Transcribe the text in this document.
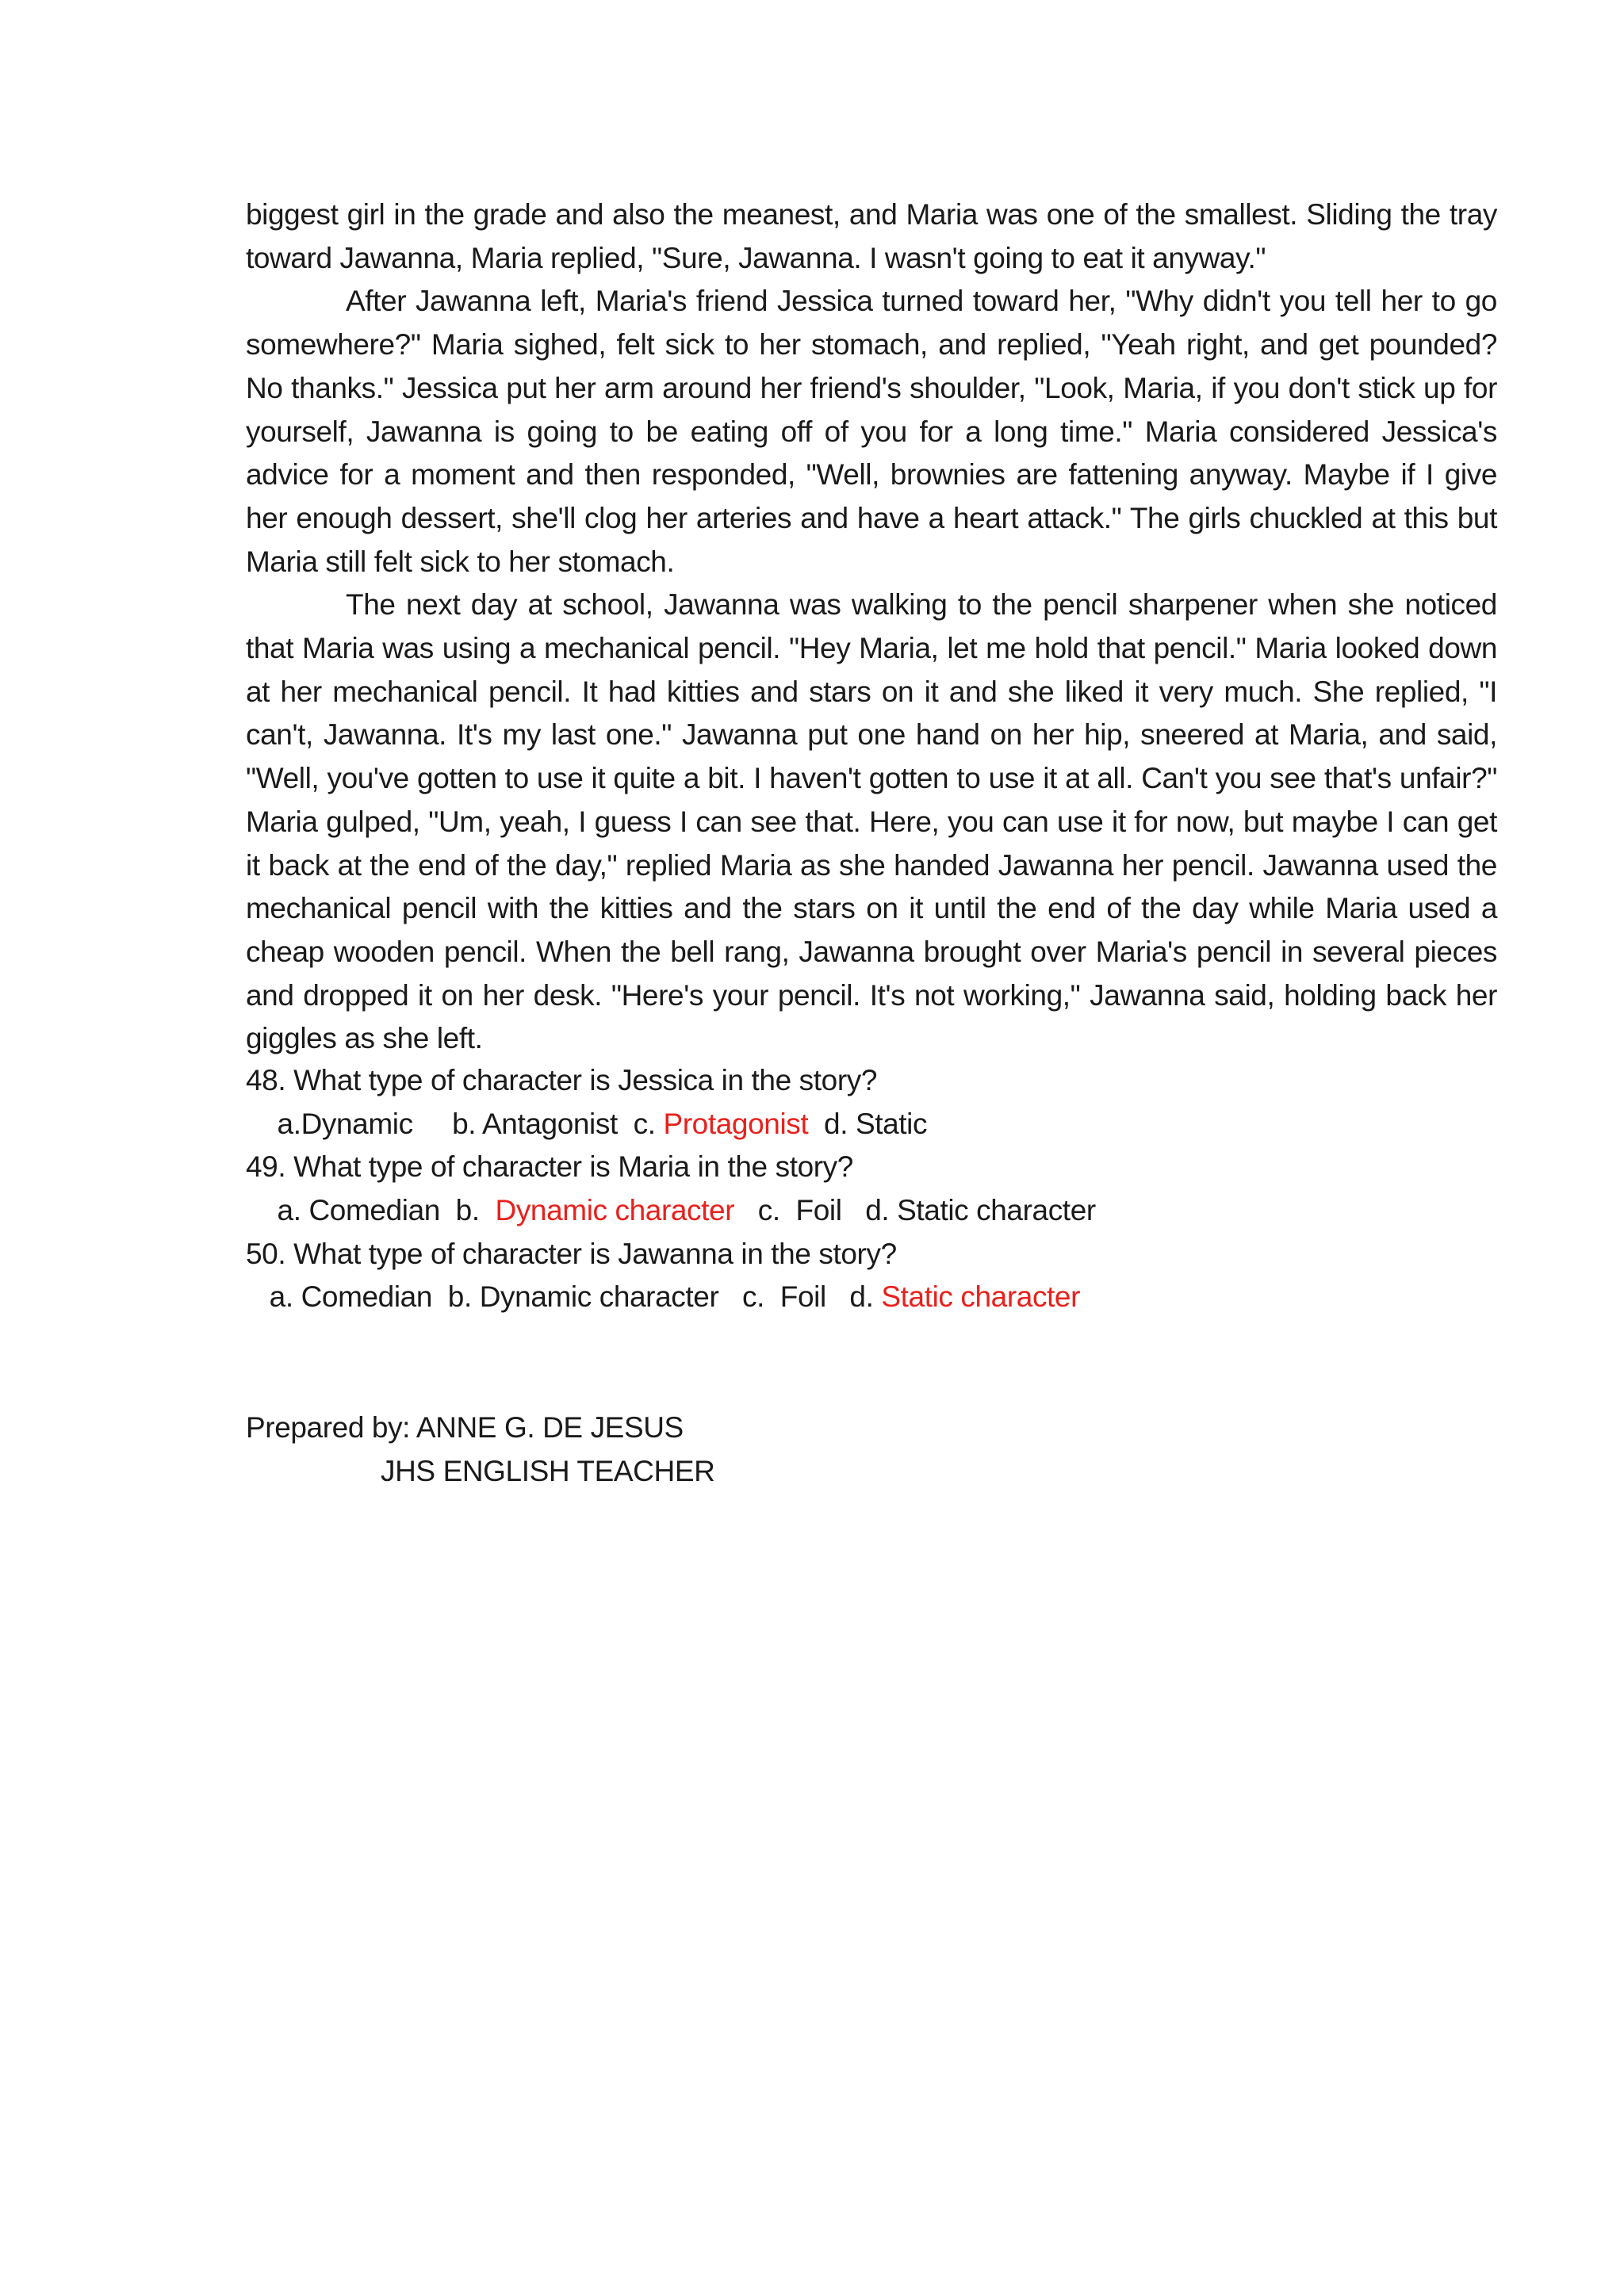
biggest girl in the grade and also the meanest, and Maria was one of the smallest. Sliding the tray toward Jawanna, Maria replied, "Sure, Jawanna. I wasn't going to eat it anyway."

After Jawanna left, Maria's friend Jessica turned toward her, "Why didn't you tell her to go somewhere?" Maria sighed, felt sick to her stomach, and replied, "Yeah right, and get pounded? No thanks." Jessica put her arm around her friend's shoulder, "Look, Maria, if you don't stick up for yourself, Jawanna is going to be eating off of you for a long time." Maria considered Jessica's advice for a moment and then responded, "Well, brownies are fattening anyway. Maybe if I give her enough dessert, she'll clog her arteries and have a heart attack." The girls chuckled at this but Maria still felt sick to her stomach.

The next day at school, Jawanna was walking to the pencil sharpener when she noticed that Maria was using a mechanical pencil. "Hey Maria, let me hold that pencil." Maria looked down at her mechanical pencil. It had kitties and stars on it and she liked it very much. She replied, "I can't, Jawanna. It's my last one." Jawanna put one hand on her hip, sneered at Maria, and said, "Well, you've gotten to use it quite a bit. I haven't gotten to use it at all. Can't you see that's unfair?" Maria gulped, "Um, yeah, I guess I can see that. Here, you can use it for now, but maybe I can get it back at the end of the day," replied Maria as she handed Jawanna her pencil. Jawanna used the mechanical pencil with the kitties and the stars on it until the end of the day while Maria used a cheap wooden pencil. When the bell rang, Jawanna brought over Maria's pencil in several pieces and dropped it on her desk. "Here's your pencil. It's not working," Jawanna said, holding back her giggles as she left.

48. What type of character is Jessica in the story?
a.Dynamic     b. Antagonist  c. Protagonist  d. Static
49. What type of character is Maria in the story?
a. Comedian  b.  Dynamic character   c.  Foil   d. Static character
50. What type of character is Jawanna in the story?
a. Comedian  b. Dynamic character   c.  Foil   d. Static character
Prepared by: ANNE G. DE JESUS
JHS ENGLISH TEACHER
